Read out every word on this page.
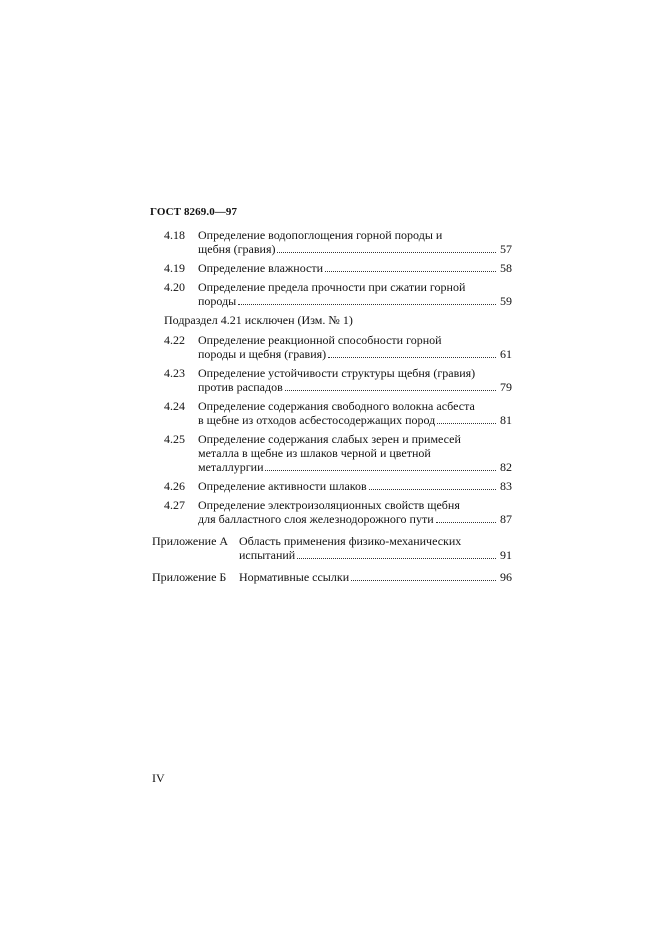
ГОСТ 8269.0—97
4.18	Определение водопоглощения горной породы и
щебня (гравия)	57
4.19	Определение влажности	58
4.20	Определение предела прочности при сжатии горной
породы	59
Подраздел 4.21 исключен (Изм. № 1)
4.22	Определение реакционной способности горной
породы и щебня (гравия)	61
4.23	Определение устойчивости структуры щебня (гравия)
против распадов	79
4.24	Определение содержания свободного волокна асбеста
в щебне из отходов асбестосодержащих пород	81
4.25	Определение содержания слабых зерен и примесей
металла в щебне из шлаков черной и цветной
металлургии	82
4.26	Определение активности шлаков	83
4.27	Определение электроизоляционных свойств щебня
для балластного слоя железнодорожного пути	87
Приложение А Область применения физико-механических
испытаний	91
Приложение Б	Нормативные ссылки	96
IV
